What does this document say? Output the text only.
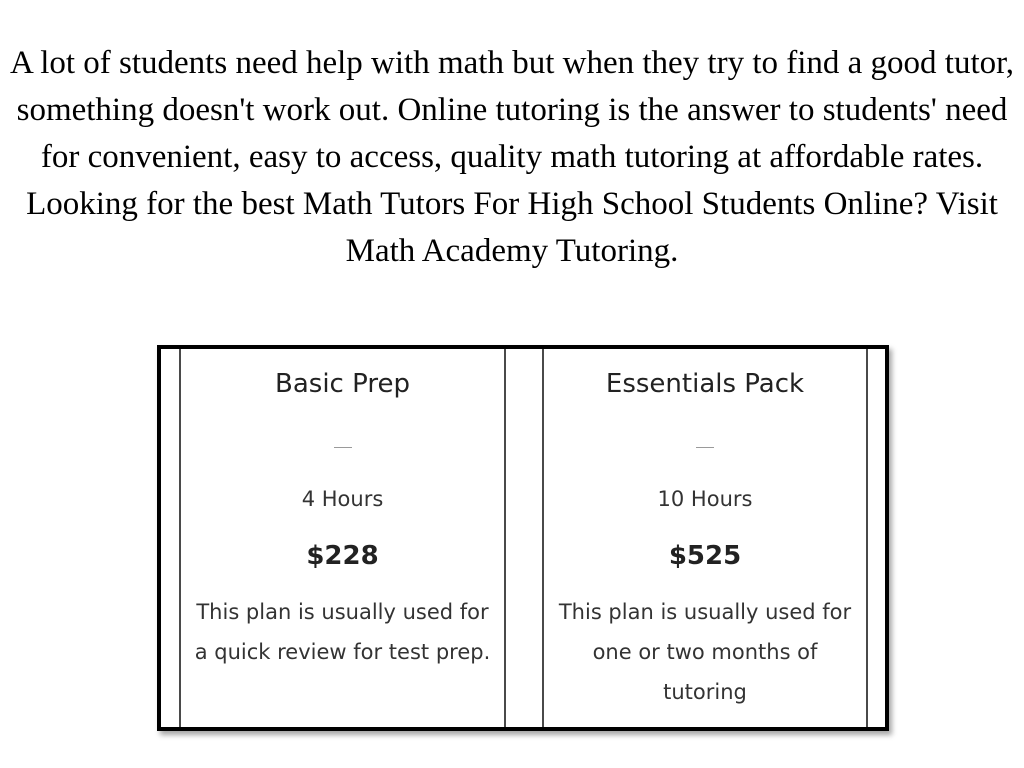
A lot of students need help with math but when they try to find a good tutor, something doesn't work out. Online tutoring is the answer to students' need for convenient, easy to access, quality math tutoring at affordable rates.

Looking for the best Math Tutors For High School Students Online? Visit Math Academy Tutoring.

Basic Prep
4 Hours
$228
This plan is usually used for a quick review for test prep.
Essentials Pack
10 Hours
$525
This plan is usually used for one or two months of tutoring
